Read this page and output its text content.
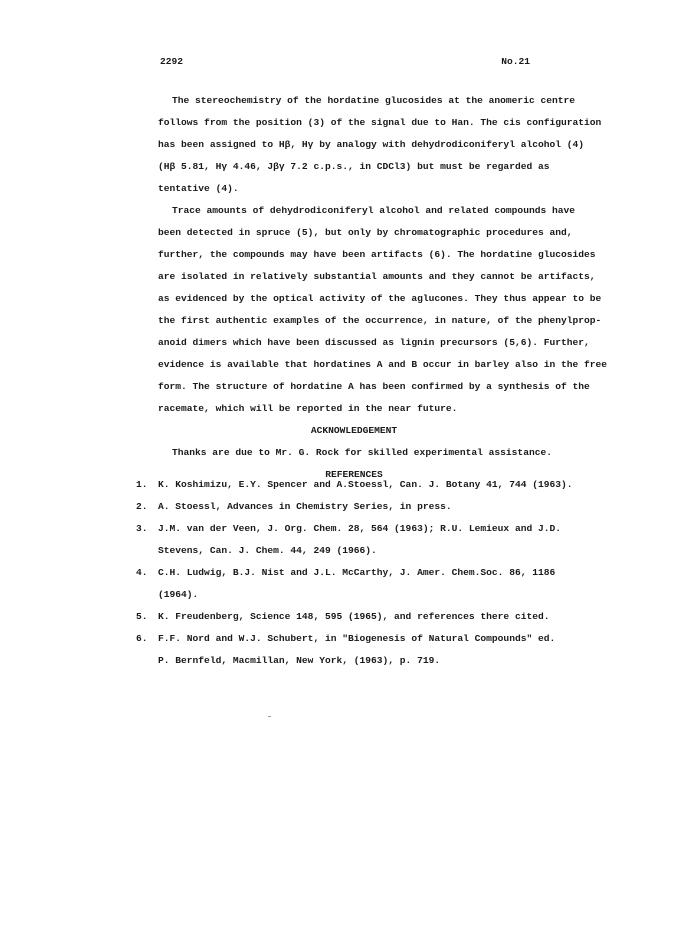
2292	No.21
The stereochemistry of the hordatine glucosides at the anomeric centre
follows from the position (3) of the signal due to Han. The cis configuration
has been assigned to Hβ, Hγ by analogy with dehydrodiconiferyl alcohol (4)
(Hβ 5.81, Hγ 4.46, Jβγ 7.2 c.p.s., in CDCl3) but must be regarded as
tentative (4).
Trace amounts of dehydrodiconiferyl alcohol and related compounds have
been detected in spruce (5), but only by chromatographic procedures and,
further, the compounds may have been artifacts (6). The hordatine glucosides
are isolated in relatively substantial amounts and they cannot be artifacts,
as evidenced by the optical activity of the aglucones. They thus appear to be
the first authentic examples of the occurrence, in nature, of the phenylprop-
anoid dimers which have been discussed as lignin precursors (5,6). Further,
evidence is available that hordatines A and B occur in barley also in the free
form. The structure of hordatine A has been confirmed by a synthesis of the
racemate, which will be reported in the near future.
ACKNOWLEDGEMENT
Thanks are due to Mr. G. Rock for skilled experimental assistance.
REFERENCES
1.	K. Koshimizu, E.Y. Spencer and A.Stoessl, Can. J. Botany 41, 744 (1963).
2.	A. Stoessl, Advances in Chemistry Series, in press.
3.	J.M. van der Veen, J. Org. Chem. 28, 564 (1963); R.U. Lemieux and J.D.
Stevens, Can. J. Chem. 44, 249 (1966).
4.	C.H. Ludwig, B.J. Nist and J.L. McCarthy, J. Amer. Chem.Soc. 86, 1186
(1964).
5.	K. Freudenberg, Science 148, 595 (1965), and references there cited.
6.	F.F. Nord and W.J. Schubert, in "Biogenesis of Natural Compounds" ed.
P. Bernfeld, Macmillan, New York, (1963), p. 719.
